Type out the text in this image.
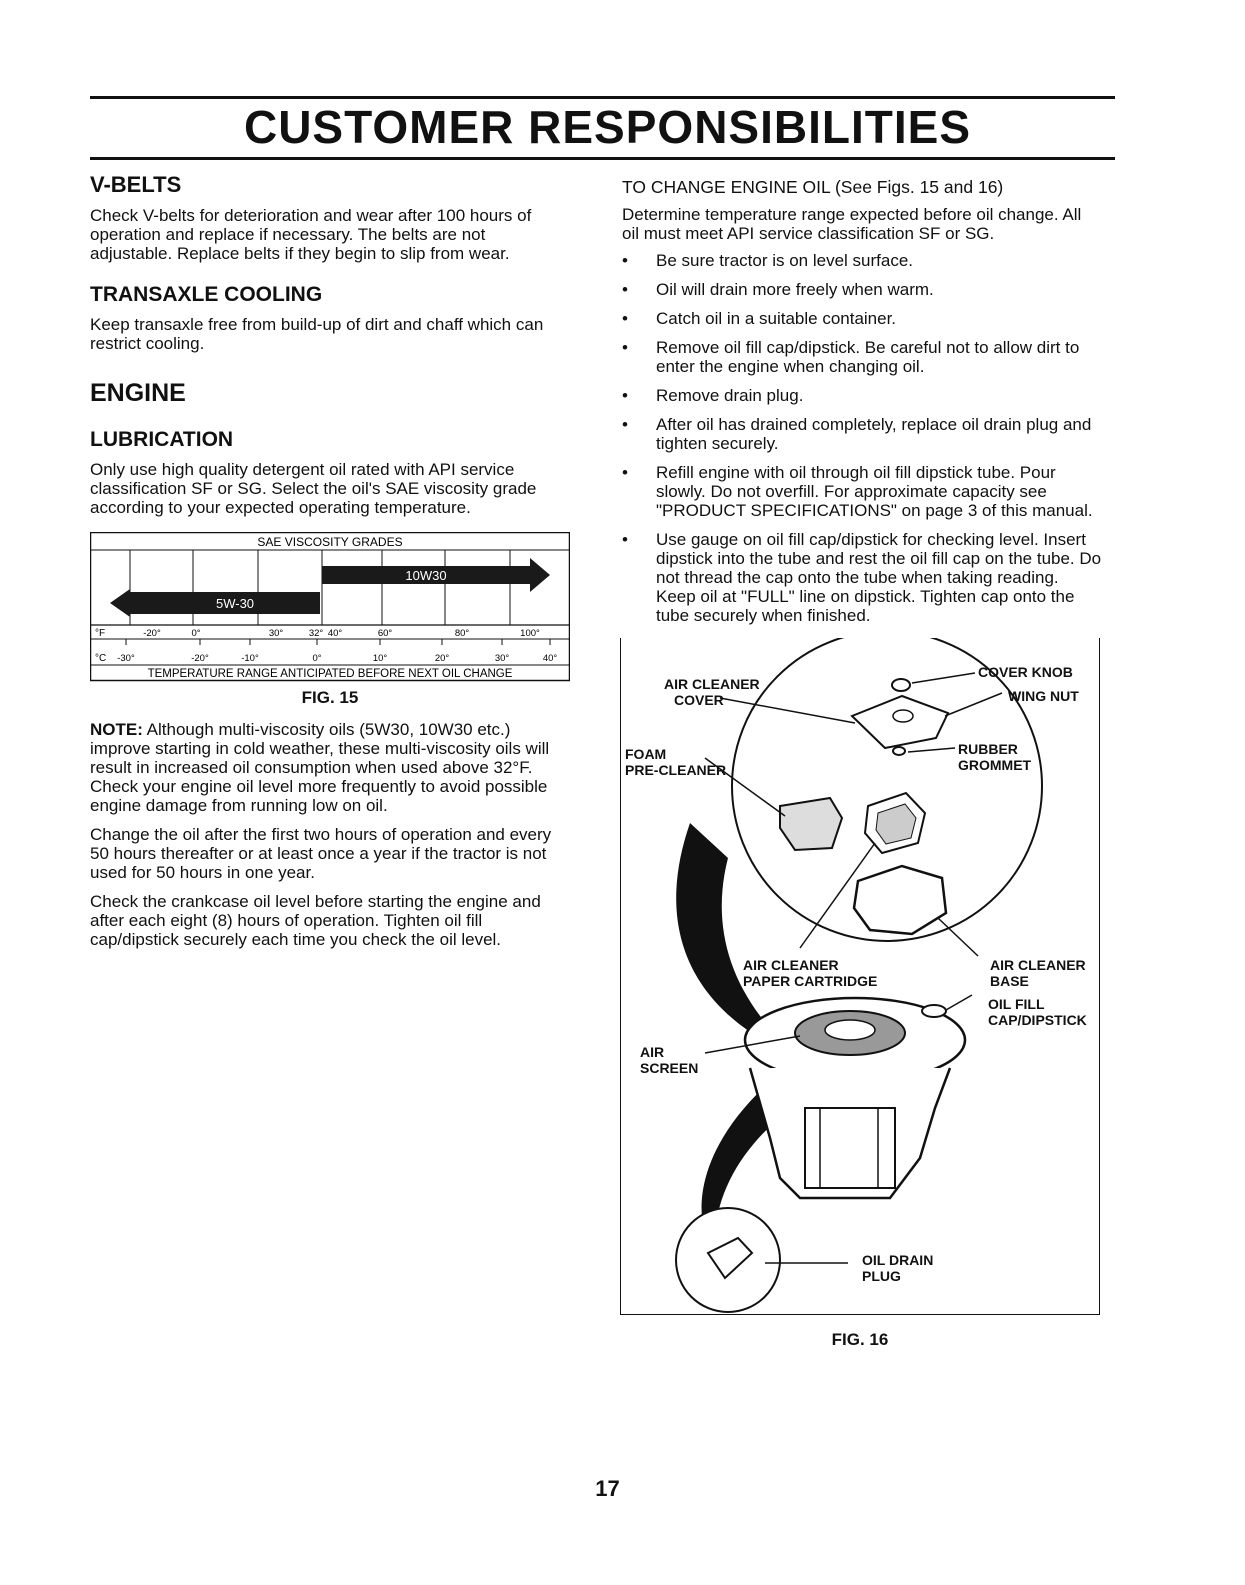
CUSTOMER RESPONSIBILITIES

V-BELTS

Check V-belts for deterioration and wear after 100 hours of operation and replace if necessary. The belts are not adjustable. Replace belts if they begin to slip from wear.

TRANSAXLE COOLING

Keep transaxle free from build-up of dirt and chaff which can restrict cooling.

ENGINE

LUBRICATION

Only use high quality detergent oil rated with API service classification SF or SG. Select the oil's SAE viscosity grade according to your expected operating temperature.

SAE VISCOSITY GRADES
5W-30
10W30
°F
°C
-20°	0°	30°	32° 40°	60°	80°	100°
-30°	-20°	-10°	0°	10°	20°	30°	40°
TEMPERATURE RANGE ANTICIPATED BEFORE NEXT OIL CHANGE
FIG. 15

NOTE: Although multi-viscosity oils (5W30, 10W30 etc.) improve starting in cold weather, these multi-viscosity oils will result in increased oil consumption when used above 32°F. Check your engine oil level more frequently to avoid possible engine damage from running low on oil.

Change the oil after the first two hours of operation and every 50 hours thereafter or at least once a year if the tractor is not used for 50 hours in one year.

Check the crankcase oil level before starting the engine and after each eight (8) hours of operation. Tighten oil fill cap/dipstick securely each time you check the oil level.

TO CHANGE ENGINE OIL (See Figs. 15 and 16)

Determine temperature range expected before oil change. All oil must meet API service classification SF or SG.

• Be sure tractor is on level surface.
• Oil will drain more freely when warm.
• Catch oil in a suitable container.
• Remove oil fill cap/dipstick. Be careful not to allow dirt to enter the engine when changing oil.
• Remove drain plug.
• After oil has drained completely, replace oil drain plug and tighten securely.
• Refill engine with oil through oil fill dipstick tube. Pour slowly. Do not overfill. For approximate capacity see "PRODUCT SPECIFICATIONS" on page 3 of this manual.
• Use gauge on oil fill cap/dipstick for checking level. Insert dipstick into the tube and rest the oil fill cap on the tube. Do not thread the cap onto the tube when taking reading. Keep oil at "FULL" line on dipstick. Tighten cap onto the tube securely when finished.
AIR CLEANER
COVER
COVER KNOB
WING NUT
FOAM
PRE-CLEANER
RUBBER
GROMMET
AIR CLEANER
PAPER CARTRIDGE
AIR CLEANER
BASE
OIL FILL
CAP/DIPSTICK
AIR
SCREEN
OIL DRAIN
PLUG
FIG. 16
17
